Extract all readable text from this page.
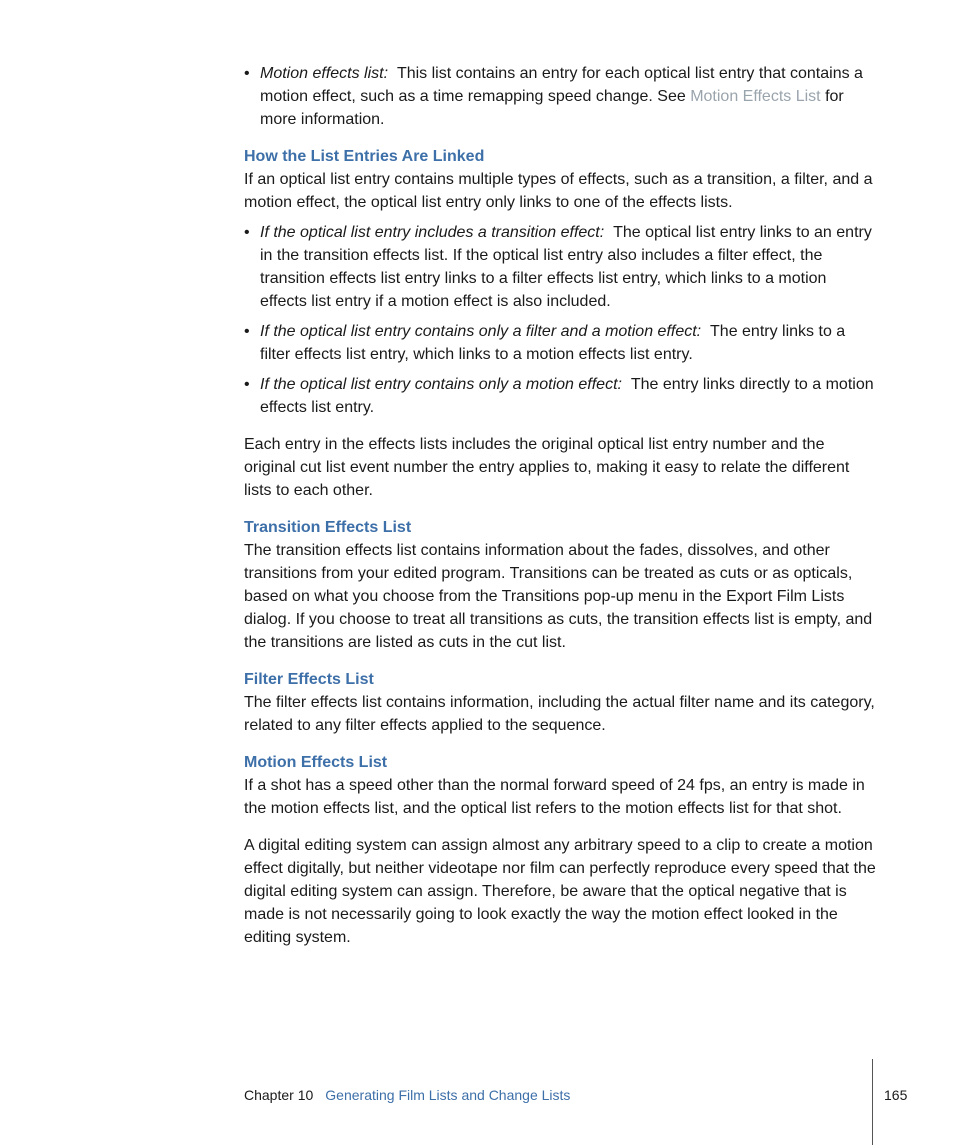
• Motion effects list: This list contains an entry for each optical list entry that contains a motion effect, such as a time remapping speed change. See Motion Effects List for more information.
How the List Entries Are Linked

If an optical list entry contains multiple types of effects, such as a transition, a filter, and a motion effect, the optical list entry only links to one of the effects lists.

• If the optical list entry includes a transition effect: The optical list entry links to an entry in the transition effects list. If the optical list entry also includes a filter effect, the transition effects list entry links to a filter effects list entry, which links to a motion effects list entry if a motion effect is also included.
• If the optical list entry contains only a filter and a motion effect: The entry links to a filter effects list entry, which links to a motion effects list entry.
• If the optical list entry contains only a motion effect: The entry links directly to a motion effects list entry.

Each entry in the effects lists includes the original optical list entry number and the original cut list event number the entry applies to, making it easy to relate the different lists to each other.

Transition Effects List

The transition effects list contains information about the fades, dissolves, and other transitions from your edited program. Transitions can be treated as cuts or as opticals, based on what you choose from the Transitions pop-up menu in the Export Film Lists dialog. If you choose to treat all transitions as cuts, the transition effects list is empty, and the transitions are listed as cuts in the cut list.

Filter Effects List

The filter effects list contains information, including the actual filter name and its category, related to any filter effects applied to the sequence.

Motion Effects List

If a shot has a speed other than the normal forward speed of 24 fps, an entry is made in the motion effects list, and the optical list refers to the motion effects list for that shot.

A digital editing system can assign almost any arbitrary speed to a clip to create a motion effect digitally, but neither videotape nor film can perfectly reproduce every speed that the digital editing system can assign. Therefore, be aware that the optical negative that is made is not necessarily going to look exactly the way the motion effect looked in the editing system.

Chapter 10 Generating Film Lists and Change Lists	165
